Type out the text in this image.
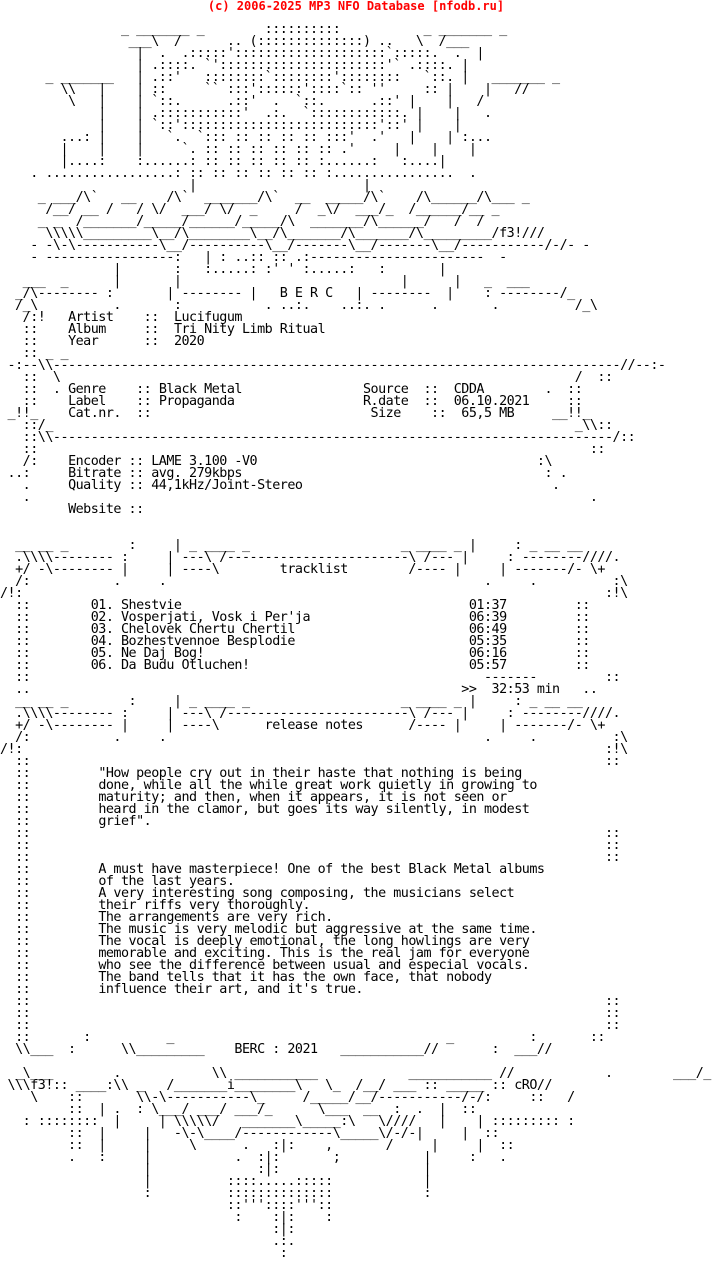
(c) 2006-2025 MP3 NFO Database [nfodb.ru]

_ _______ _        ::::::::::           _ _______ _
___\  /      .. (::::::::::::::) ..   \  /___
|  .  .:::::'::::::::::::::::::::`:::::.  .  |
| .::::. `'::::::::::::::::::::::'` .::::. |
_ _______   | .::'   ::::::::`::::::::'::::::::   `::. |   _______ _
\\   |    | ::     `` :::'::::::'::::`:: ''     :: |    |   //
\   |    | `::.      .::'  .  `::.      .::' |    |   /
|    | .:::::::::::'  .:.  `::::::::::::. |    |   .
|    | `::'::::::::::::::::::::::::::'::' |    |
...: |    |   `.  `::: :: :: :: :: :::'  .'   |    | :...
|    |    |     `. :: :: :: :: :: :: .'     |    |    |
|....:    :......: :: :: :: :: :: :......:   :....|
. .................: :: :: :: :: :: :: :................  .
|                      |
_ ___/\`   __    /\`  _______/\`  __  _____/\`    /\______/\___ _
/__/ __ /   / \/  ___/ \/  _     /  _\/  ___/_  /______/__ _
_ _  /_______/_____/______/_____/\  _______/\______/   /  /
\\\\\_________\__/\________\__/\_______/\_______/\_________/f3!///
- -\-\-----------\__/----------\__/-------\__/-------\__/-----------/-/- -
- -----------------:   | : ..:: :: .:-----------------------  -
|       :   :.....: :' ' :.....:   :       |
___  _      |       |                             |      |   _  ___
_/\-------- :       | -------- |   B E R C   | --------  |    : --------/_
/_\          .       :           . ..:.    ..:. .      .       .          /_\
/:!   Artist    ::  Lucifugum
::    Album     ::  Tri Nity Limb Ritual
::    Year      ::  2020
:: _ _
-:--\\---------------------------------------------------------------------------//--:-
::  \                                                                    /  ::
::  . Genre    :: Black Metal	Source  ::  CDDA        .  ::
::    Label    :: Propaganda	R.date  ::  06.10.2021     ::
_!!_    Cat.nr.  ::	Size    ::  65,5 MB     __!!_
::/_                                                                     _\\::
::\\--------------------------------------------------------------------------/::
::                                                                         ::
/:    Encoder :: LAME 3.100 -V0                                     :\
..:     Bitrate :: avg. 279kbps                                        : .
.     Quality :: 44,1kHz/Joint-Stereo                                 .
.                                                                          .
Website ::

__ __ _        :     | _ ____ _                    _ ____ _ |     : _ __ __
.\\\\-------- :     | ---\ /------------------------\ /--- |     : --------////.
+/ -\-------- |     | ----\        tracklist        /---- |     | -------/- \+
/:           .     .                                          .     .          :\
/!:                                                                             :!\
::        01. Shestvie	01:37         ::
::        02. Vosperjati, Vosk i Per'ja	06:39         ::
::        03. Chelovek Chertu Chertil	06:49         ::
::        04. Bozhestvennoe Besplodie	05:35         ::
::        05. Ne Daj Bog!	06:16         ::
::        06. Da Budu Otluchen!	05:57         ::
::                                                            -------         ::
..                                                         >>  32:53 min   ..
__ __ _        :     | _ ____ _                    _ ____ _ |     : _ __ __
.\\\\-------- :     | ---\ /------------------------\ /--- |     : --------////.
+/ -\-------- |     | ----\      release notes      /---- |     | -------/- \+
/:           .     .                                          .     .          :\
/!:                                                                             :!\
::                                                                            ::
::         "How people cry out in their haste that nothing is being
::         done, while all the while great work quietly in growing to
::         maturity; and then, when it appears, it is not seen or
::         heard in the clamor, but goes its way silently, in modest
::         grief".
::                                                                            ::
::                                                                            ::
::                                                                            ::
::         A must have masterpiece! One of the best Black Metal albums
::         of the last years.
::         A very interesting song composing, the musicians select
::         their riffs very thoroughly.
::         The arrangements are very rich.
::         The music is very melodic but aggressive at the same time.
::         The vocal is deeply emotional, the long howlings are very
::         memorable and exciting. This is the real jam for everyone
::         who see the difference between usual and especial vocals.
::         The band tells that it has the own face, that nobody
::         influence their art, and it's true.
::                                                                            ::
::                                                                            ::
::                                                                            ::
::       :          _                                    _          :       ::
\\___  :      \\_________    BERC : 2021   ___________//       :  ___//

_\___        .            \\ ___________            ___________ //            .        ___/_
\\\f3!:: ____:\\ _   /_______i________\   \_  /__/ ___ :: _____ :: cRO//
\    ::       \\-\-----------\_     /_____/__/-----------/-/:     ::   /
::  | .  : \___/ ___/ ___/_      \___  __  :  .  |  ::
: ::::::::  |     | \\\\\/   _______\_____:\   \////   |    | ::::::::: :
::  |     |   -\-\____/------------\_____\/-/-|     |  ::
::  |     |     \      .   :|:    ,       /     |     |  ::
.   :     |           .  :|:       ;           |     :   .
|              :|:                   |
|          ::::.....:::::            |
:          ::::::::::::::            :
::'''::::'''::
:    :|:    :
:|:
.:.
:
